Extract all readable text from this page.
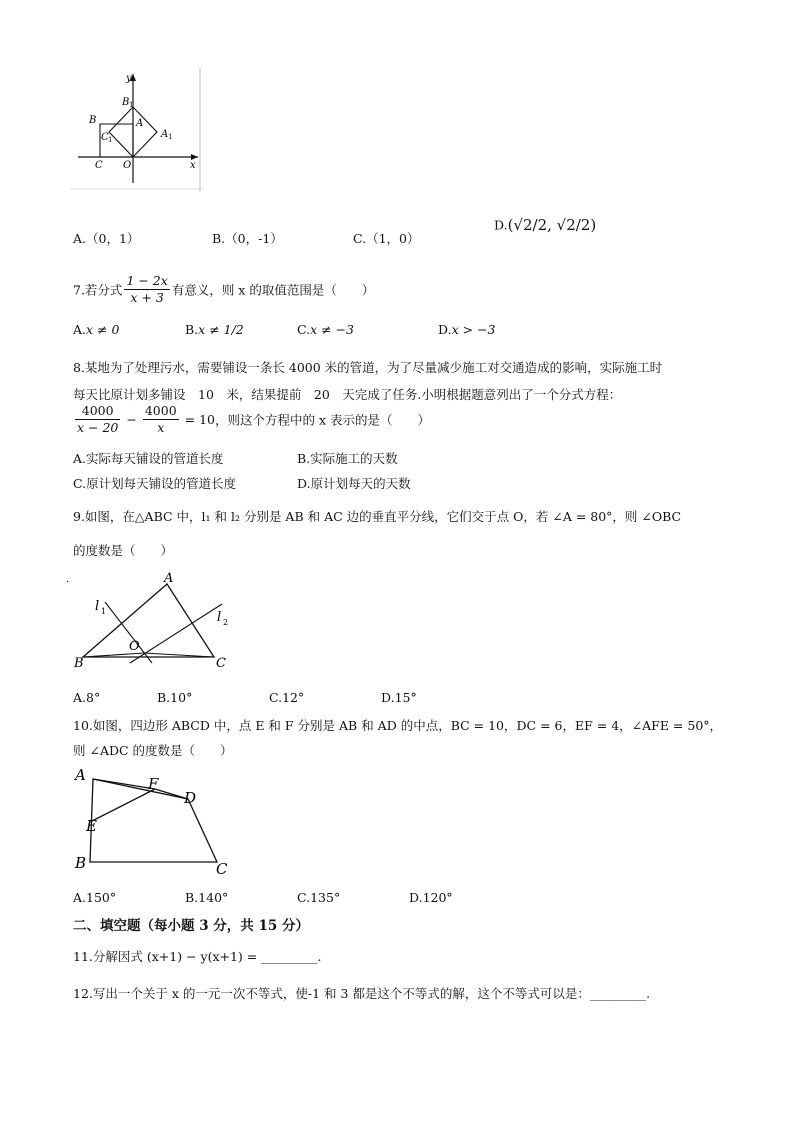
y
B 1
B	A
C 1	A 1
C O	x
A.（0，1）	B.（0，-1）	C.（1，0）
D.(√2/2, √2/2)
7.若分式 $\frac{1 - 2x}{x + 3}$ 有意义，则 x 的取值范围是（　　）
A.x ≠ 0	B.x ≠ 1/2	C.x ≠ −3	D.x > −3
8.某地为了处理污水，需要铺设一条长 4000 米的管道，为了尽量减少施工对交通造成的影响，实际施工时
每天比原计划多铺设　10　米，结果提前　20　天完成了任务.小明根据题意列出了一个分式方程：
$\frac{4000}{x - 20} - \frac{4000}{x} = 10$，则这个方程中的 x 表示的是（　　）
A.实际每天铺设的管道长度	B.实际施工的天数
C.原计划每天铺设的管道长度	D.原计划每天的天数
9.如图，在△ABC 中，l₁ 和 l₂ 分别是 AB 和 AC 边的垂直平分线，它们交于点 O，若 ∠A = 80°，则 ∠OBC
的度数是（　　）
.	A
l 1	l 2
O
B	C
A.8°	B.10°	C.12°	D.15°
10.如图，四边形 ABCD 中，点 E 和 F 分别是 AB 和 AD 的中点，BC = 10，DC = 6，EF = 4，∠AFE = 50°，
则 ∠ADC 的度数是（　　）
A	F
D
E
B	C
A.150°	B.140°	C.135°	D.120°
二、填空题（每小题 3 分，共 15 分）
11.分解因式 (x+1) − y(x+1) = _________.
12.写出一个关于 x 的一元一次不等式，使-1 和 3 都是这个不等式的解，这个不等式可以是：_________.
